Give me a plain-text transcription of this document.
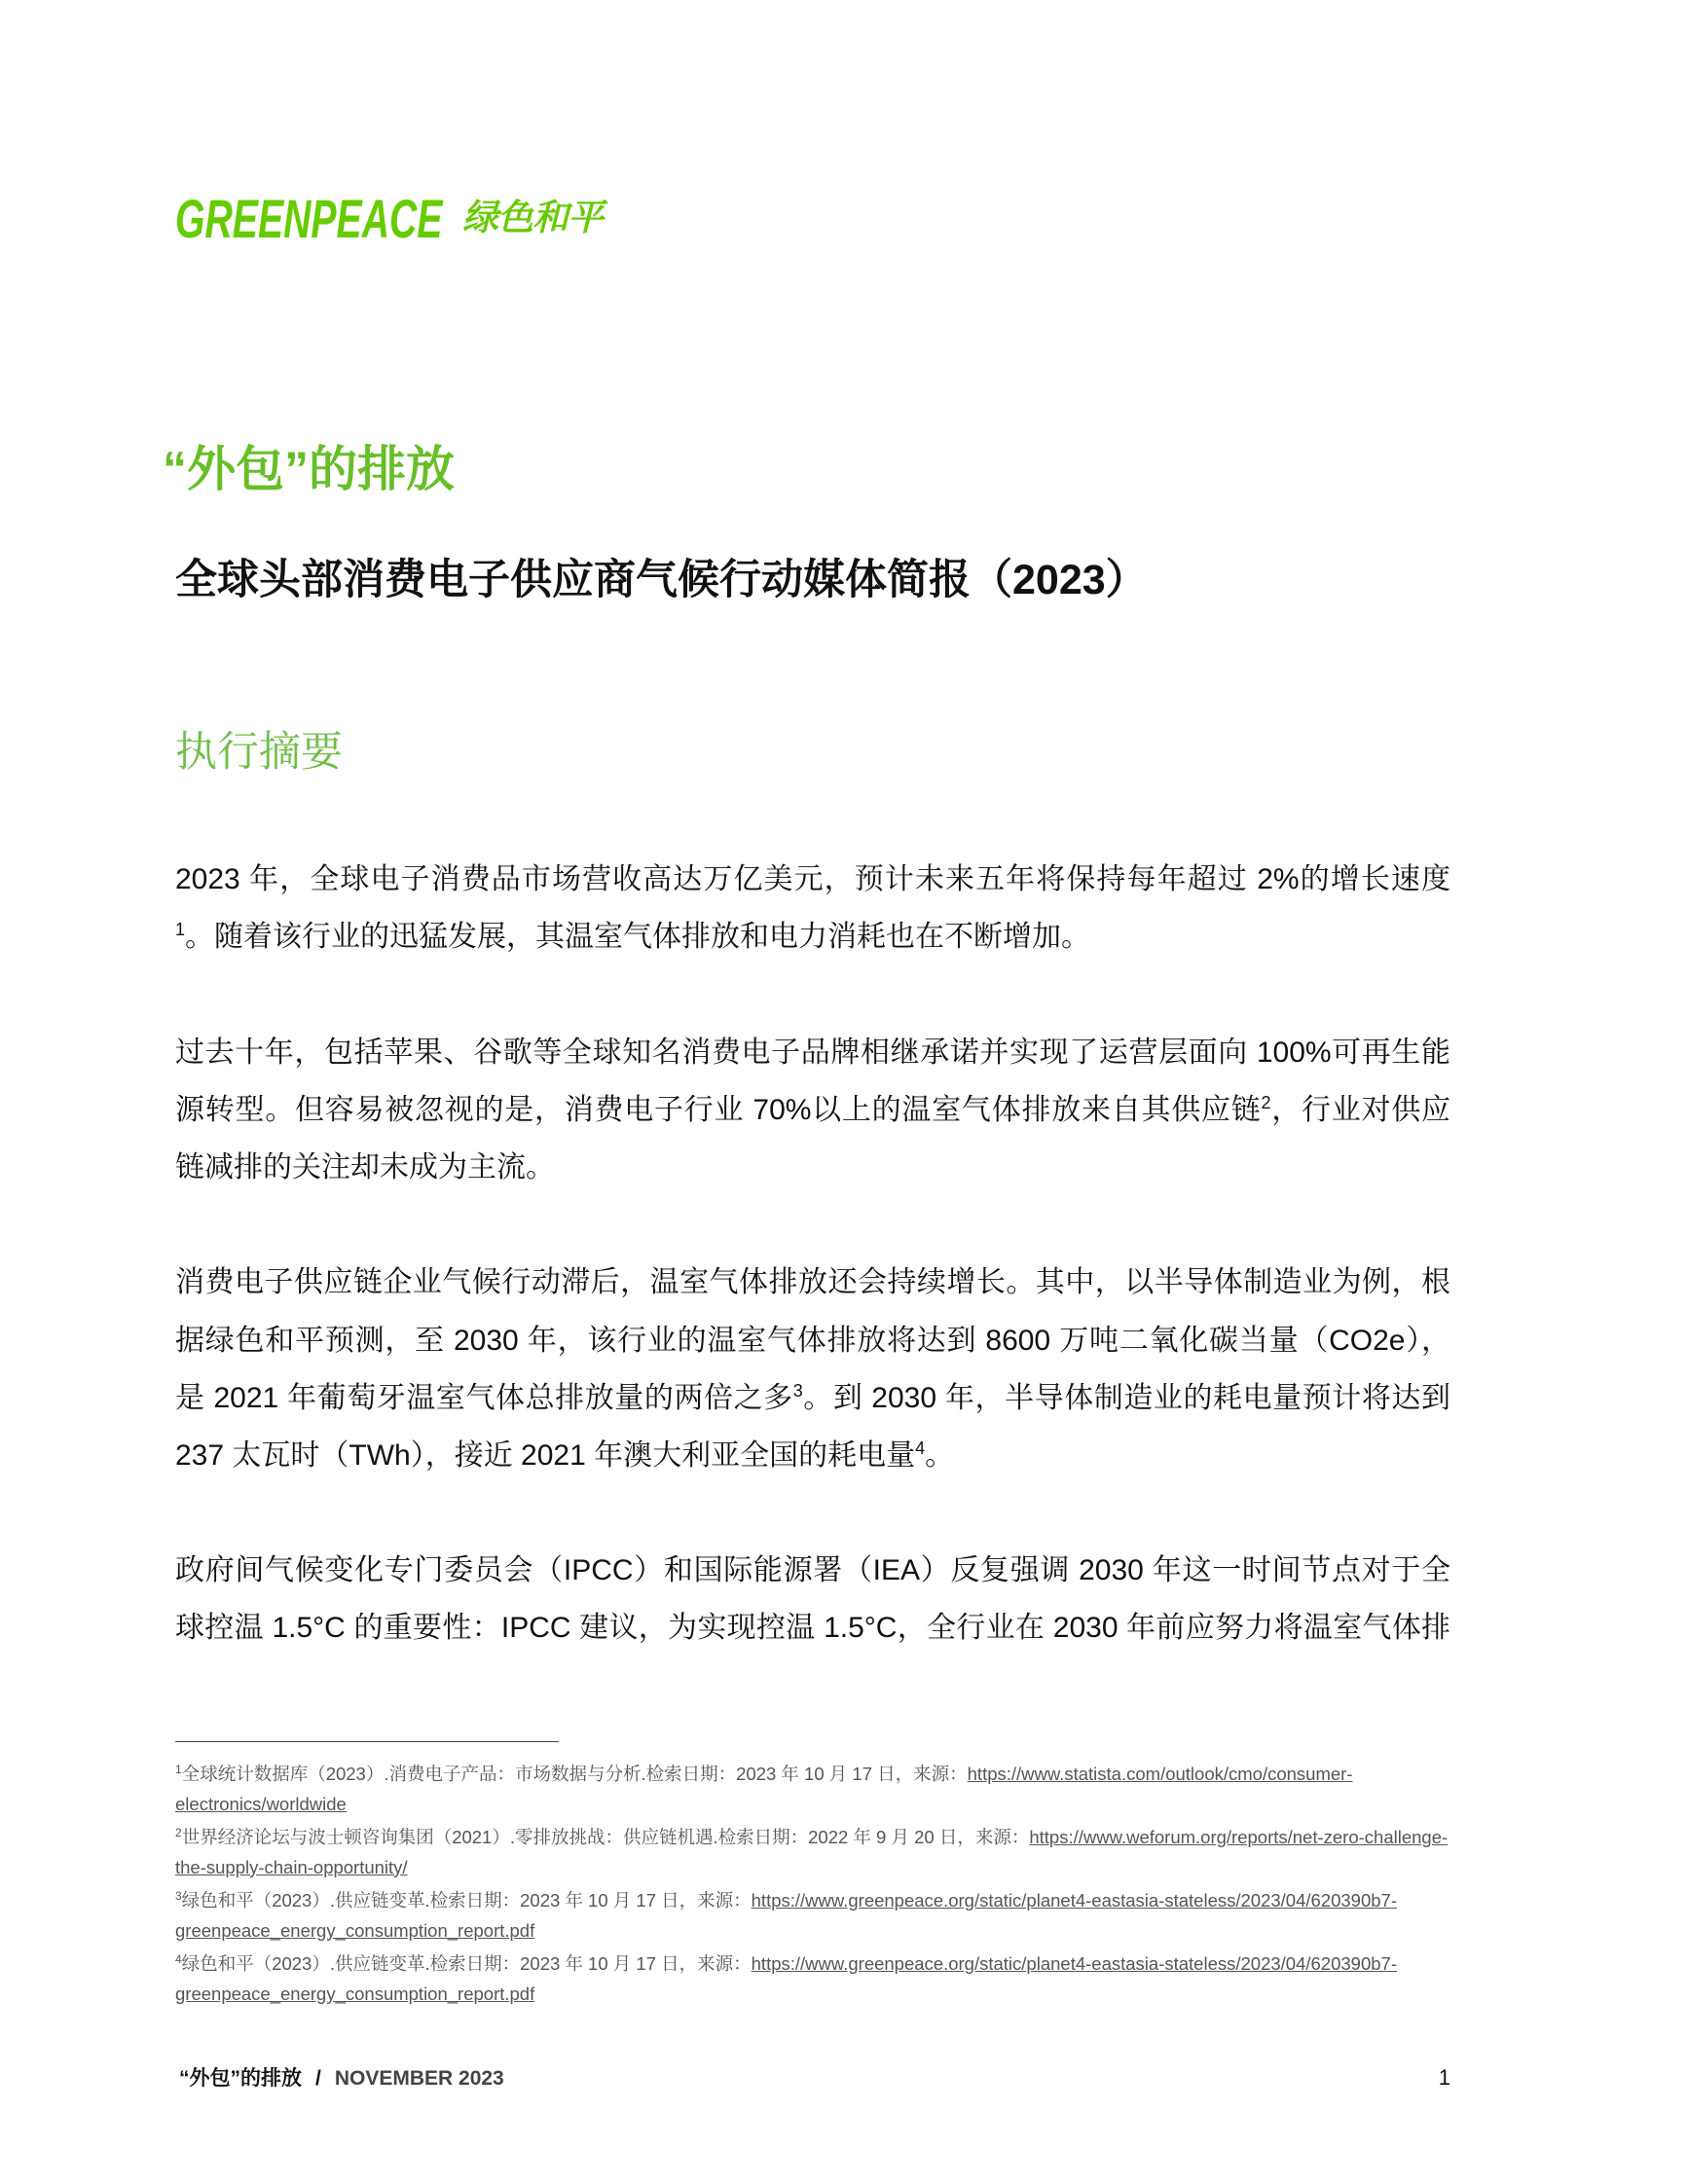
GREENPEACE 绿色和平
“外包”的排放
全球头部消费电子供应商气候行动媒体简报（2023）
执行摘要
2023 年，全球电子消费品市场营收高达万亿美元，预计未来五年将保持每年超过 2%的增长速度
$^1$。随着该行业的迅猛发展，其温室气体排放和电力消耗也在不断增加。
过去十年，包括苹果、谷歌等全球知名消费电子品牌相继承诺并实现了运营层面向 100%可再生能
源转型。但容易被忽视的是，消费电子行业 70%以上的温室气体排放来自其供应链$^2$，行业对供应
链减排的关注却未成为主流。
消费电子供应链企业气候行动滞后，温室气体排放还会持续增长。其中，以半导体制造业为例，根
据绿色和平预测，至 2030 年，该行业的温室气体排放将达到 8600 万吨二氧化碳当量（CO2e），
是 2021 年葡萄牙温室气体总排放量的两倍之多$^3$。到 2030 年，半导体制造业的耗电量预计将达到
237 太瓦时（TWh），接近 2021 年澳大利亚全国的耗电量$^4$。
政府间气候变化专门委员会（IPCC）和国际能源署（IEA）反复强调 2030 年这一时间节点对于全
球控温 1.5°C 的重要性：IPCC 建议，为实现控温 1.5°C，全行业在 2030 年前应努力将温室气体排
$^1$全球统计数据库（2023）.消费电子产品：市场数据与分析.检索日期：2023 年 10 月 17 日，来源：https://www.statista.com/outlook/cmo/consumer-
electronics/worldwide
$^2$世界经济论坛与波士顿咨询集团（2021）.零排放挑战：供应链机遇.检索日期：2022 年 9 月 20 日，来源：https://www.weforum.org/reports/net-zero-challenge-
the-supply-chain-opportunity/
$^3$绿色和平（2023）.供应链变革.检索日期：2023 年 10 月 17 日，来源：https://www.greenpeace.org/static/planet4-eastasia-stateless/2023/04/620390b7-
greenpeace_energy_consumption_report.pdf
$^4$绿色和平（2023）.供应链变革.检索日期：2023 年 10 月 17 日，来源：https://www.greenpeace.org/static/planet4-eastasia-stateless/2023/04/620390b7-
greenpeace_energy_consumption_report.pdf
“外包”的排放 / NOVEMBER 2023	1
